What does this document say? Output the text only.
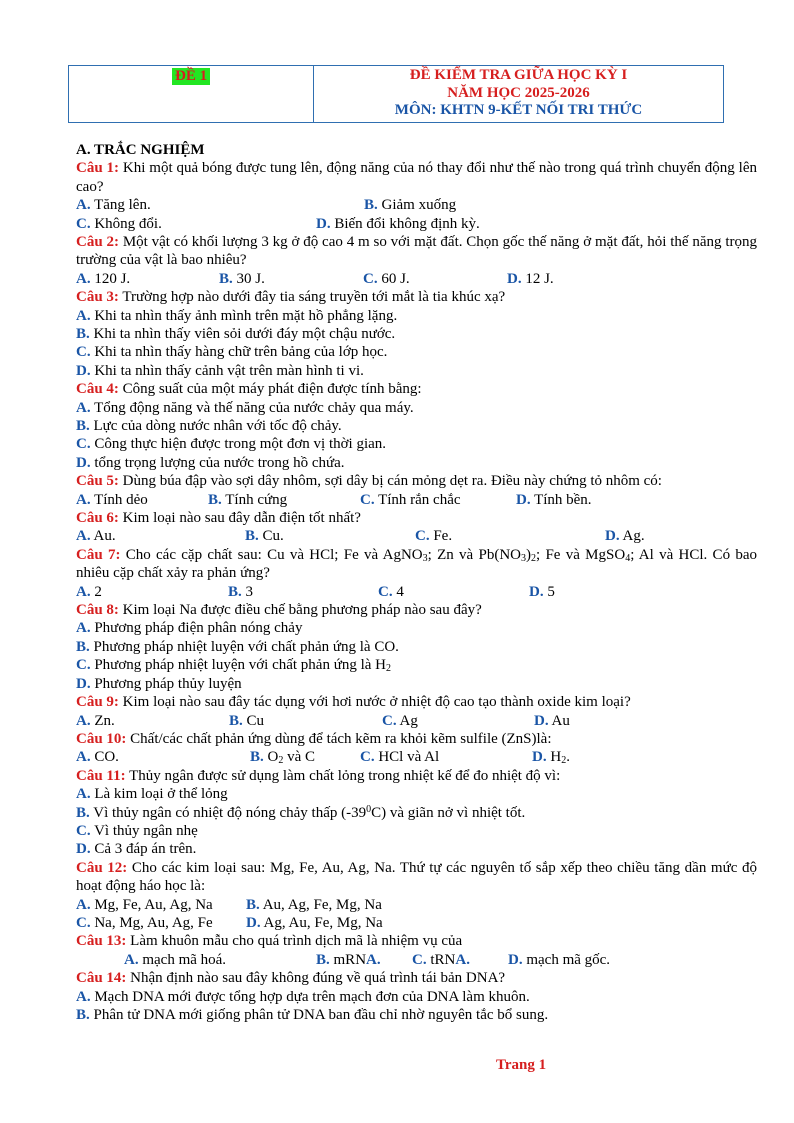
ĐỀ 1	ĐỀ KIỂM TRA GIỮA HỌC KỲ I
NĂM HỌC 2025-2026
MÔN: KHTN 9-KẾT NỐI TRI THỨC
A. TRẮC NGHIỆM
Câu 1: Khi một quả bóng được tung lên, động năng của nó thay đổi như thế nào trong quá trình chuyển động lên cao?
A. Tăng lên.	B. Giảm xuống
C. Không đổi.	D. Biến đổi không định kỳ.
Câu 2: Một vật có khối lượng 3 kg ở độ cao 4 m so với mặt đất. Chọn gốc thế năng ở mặt đất, hỏi thế năng trọng trường của vật là bao nhiêu?
A. 120 J.	B. 30 J.	C. 60 J.	D. 12 J.
Câu 3: Trường hợp nào dưới đây tia sáng truyền tới mắt là tia khúc xạ?
A. Khi ta nhìn thấy ảnh mình trên mặt hồ phẳng lặng.
B. Khi ta nhìn thấy viên sỏi dưới đáy một chậu nước.
C. Khi ta nhìn thấy hàng chữ trên bảng của lớp học.
D. Khi ta nhìn thấy cảnh vật trên màn hình ti vi.
Câu 4: Công suất của một máy phát điện được tính bằng:
A. Tổng động năng và thế năng của nước chảy qua máy.
B. Lực của dòng nước nhân với tốc độ chảy.
C. Công thực hiện được trong một đơn vị thời gian.
D. tổng trọng lượng của nước trong hồ chứa.
Câu 5: Dùng búa đập vào sợi dây nhôm, sợi dây bị cán mỏng dẹt ra. Điều này chứng tỏ nhôm có:
A. Tính dẻo	B. Tính cứng	C. Tính rắn chắc	D. Tính bền.
Câu 6: Kim loại nào sau đây dẫn điện tốt nhất?
A. Au.	B. Cu.	C. Fe.	D. Ag.
Câu 7: Cho các cặp chất sau: Cu và HCl; Fe và AgNO$_3$; Zn và $Pb(NO_3)_2$; Fe và MgSO$_4$; Al và HCl. Có bao nhiêu cặp chất xảy ra phản ứng?
A. 2	B. 3	C. 4	D. 5
Câu 8: Kim loại Na được điều chế bằng phương pháp nào sau đây?
A. Phương pháp điện phân nóng chảy
B. Phương pháp nhiệt luyện với chất phản ứng là CO.
C. Phương pháp nhiệt luyện với chất phản ứng là $H_2$
D. Phương pháp thủy luyện
Câu 9: Kim loại nào sau đây tác dụng với hơi nước ở nhiệt độ cao tạo thành oxide kim loại?
A. Zn.	B. Cu	C. Ag	D. Au
Câu 10: Chất/các chất phản ứng dùng để tách kẽm ra khỏi kẽm sulfile (ZnS)là:
A. CO.	B. $O_2$ và C	C. HCl và Al	D. $H_2$.
Câu 11: Thủy ngân được sử dụng làm chất lỏng trong nhiệt kế để đo nhiệt độ vì:
A. Là kim loại ở thể lỏng
B. Vì thủy ngân có nhiệt độ nóng chảy thấp $(-39^0C)$ và giãn nở vì nhiệt tốt.
C. Vì thủy ngân nhẹ
D. Cả 3 đáp án trên.
Câu 12: Cho các kim loại sau: Mg, Fe, Au, Ag, Na. Thứ tự các nguyên tố sắp xếp theo chiều tăng dần mức độ hoạt động háo học là:
A. Mg, Fe, Au, Ag, Na B. Au, Ag, Fe, Mg, Na
C. Na, Mg, Au, Ag, Fe D. Ag, Au, Fe, Mg, Na
Câu 13: Làm khuôn mẫu cho quá trình dịch mã là nhiệm vụ của
A. mạch mã hoá.	B. mRNA. C. tRNA.	D. mạch mã gốc.
Câu 14: Nhận định nào sau đây không đúng về quá trình tái bản DNA?
A. Mạch DNA mới được tổng hợp dựa trên mạch đơn của DNA làm khuôn.
B. Phân tử DNA mới giống phân tử DNA ban đầu chỉ nhờ nguyên tắc bổ sung.
Trang 1
